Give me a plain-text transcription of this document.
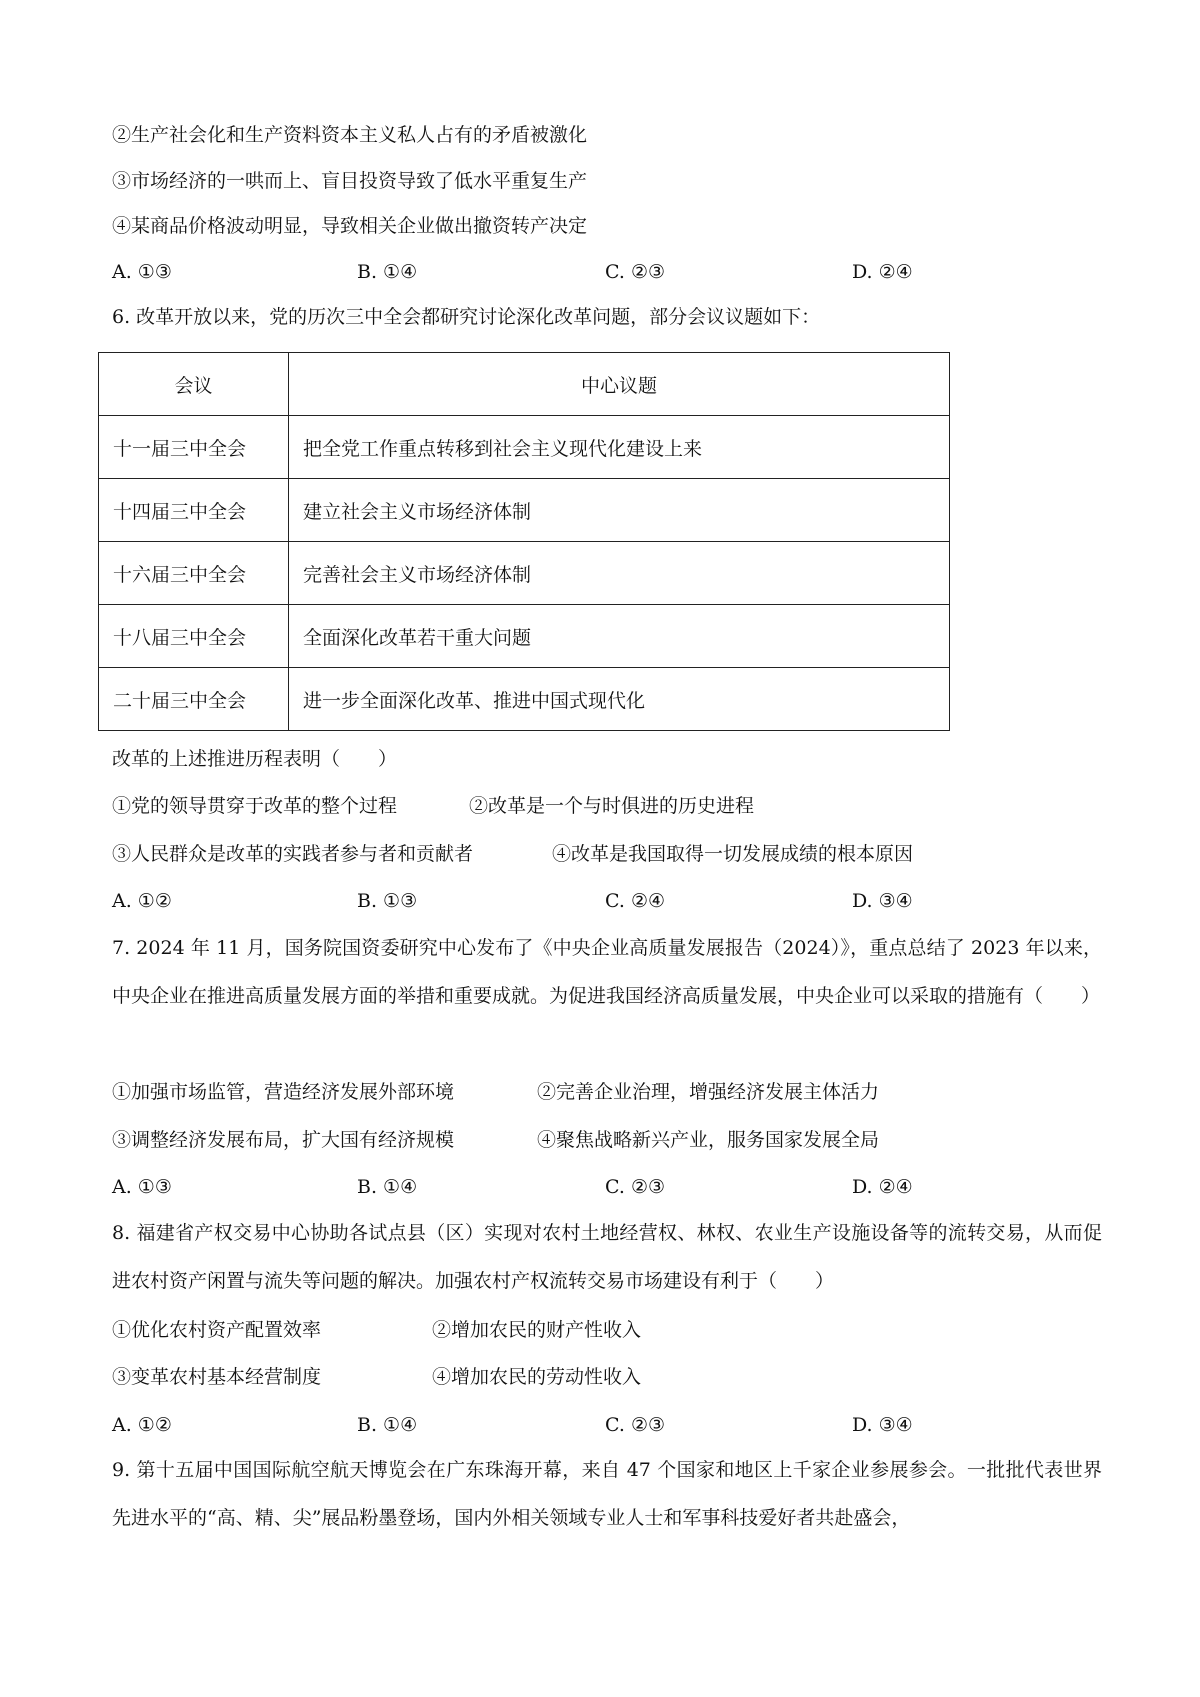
②生产社会化和生产资料资本主义私人占有的矛盾被激化
③市场经济的一哄而上、盲目投资导致了低水平重复生产
④某商品价格波动明显，导致相关企业做出撤资转产决定
A. ①③	B. ①④	C. ②③	D. ②④
6. 改革开放以来，党的历次三中全会都研究讨论深化改革问题，部分会议议题如下：
会议	中心议题
十一届三中全会	把全党工作重点转移到社会主义现代化建设上来
十四届三中全会	建立社会主义市场经济体制
十六届三中全会	完善社会主义市场经济体制
十八届三中全会	全面深化改革若干重大问题
二十届三中全会	进一步全面深化改革、推进中国式现代化
改革的上述推进历程表明（　　）
①党的领导贯穿于改革的整个过程	②改革是一个与时俱进的历史进程
③人民群众是改革的实践者参与者和贡献者	④改革是我国取得一切发展成绩的根本原因
A. ①②	B. ①③	C. ②④	D. ③④
7. 2024 年 11 月，国务院国资委研究中心发布了《中央企业高质量发展报告（2024）》，重点总结了 2023 年以来，中央企业在推进高质量发展方面的举措和重要成就。为促进我国经济高质量发展，中央企业可以采取的措施有（　　）
①加强市场监管，营造经济发展外部环境	②完善企业治理，增强经济发展主体活力
③调整经济发展布局，扩大国有经济规模	④聚焦战略新兴产业，服务国家发展全局
A. ①③	B. ①④	C. ②③	D. ②④
8. 福建省产权交易中心协助各试点县（区）实现对农村土地经营权、林权、农业生产设施设备等的流转交易，从而促进农村资产闲置与流失等问题的解决。加强农村产权流转交易市场建设有利于（　　）
①优化农村资产配置效率	②增加农民的财产性收入
③变革农村基本经营制度	④增加农民的劳动性收入
A. ①②	B. ①④	C. ②③	D. ③④
9. 第十五届中国国际航空航天博览会在广东珠海开幕，来自 47 个国家和地区上千家企业参展参会。一批批代表世界先进水平的“高、精、尖”展品粉墨登场，国内外相关领域专业人士和军事科技爱好者共赴盛会，
